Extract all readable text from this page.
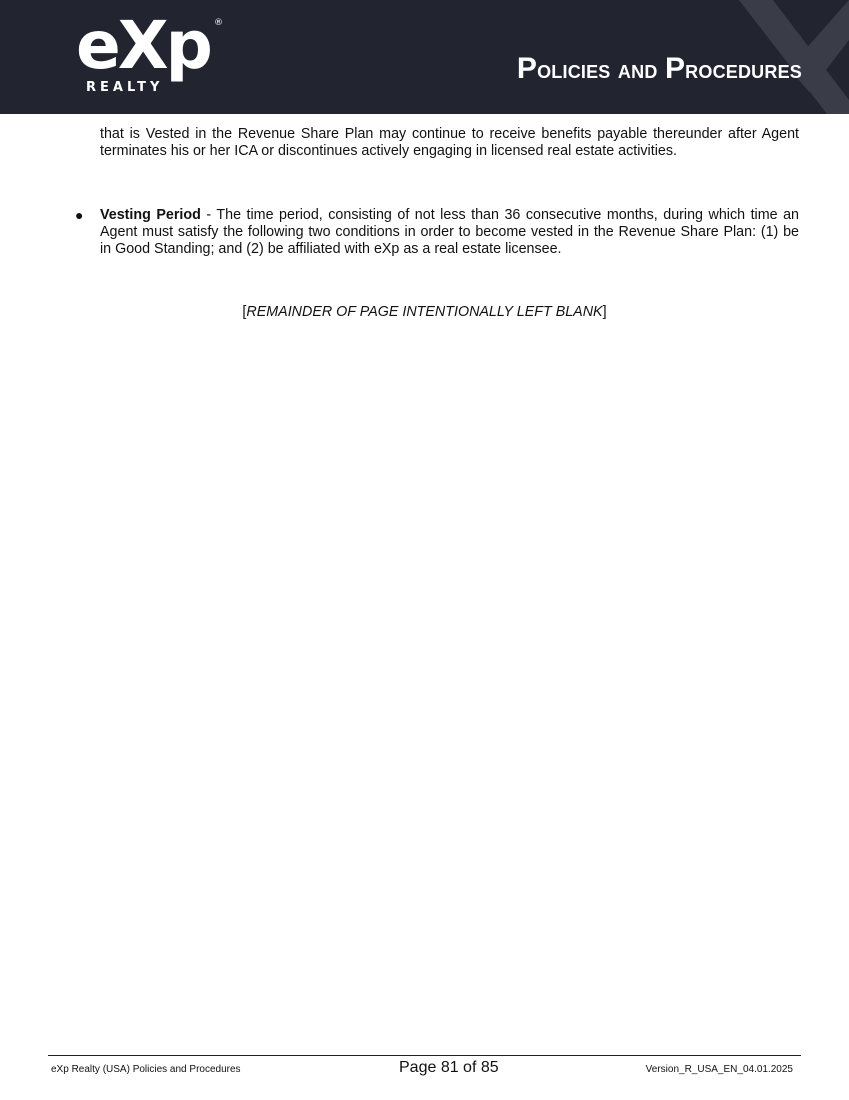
eXp ®
REALTY
Policies and Procedures

that is Vested in the Revenue Share Plan may continue to receive benefits payable thereunder after Agent terminates his or her ICA or discontinues actively engaging in licensed real estate activities.

● Vesting Period - The time period, consisting of not less than 36 consecutive months, during which time an Agent must satisfy the following two conditions in order to become vested in the Revenue Share Plan: (1) be in Good Standing; and (2) be affiliated with eXp as a real estate licensee.

[REMAINDER OF PAGE INTENTIONALLY LEFT BLANK]
eXp Realty (USA) Policies and Procedures	Page 81 of 85	Version_R_USA_EN_04.01.2025
